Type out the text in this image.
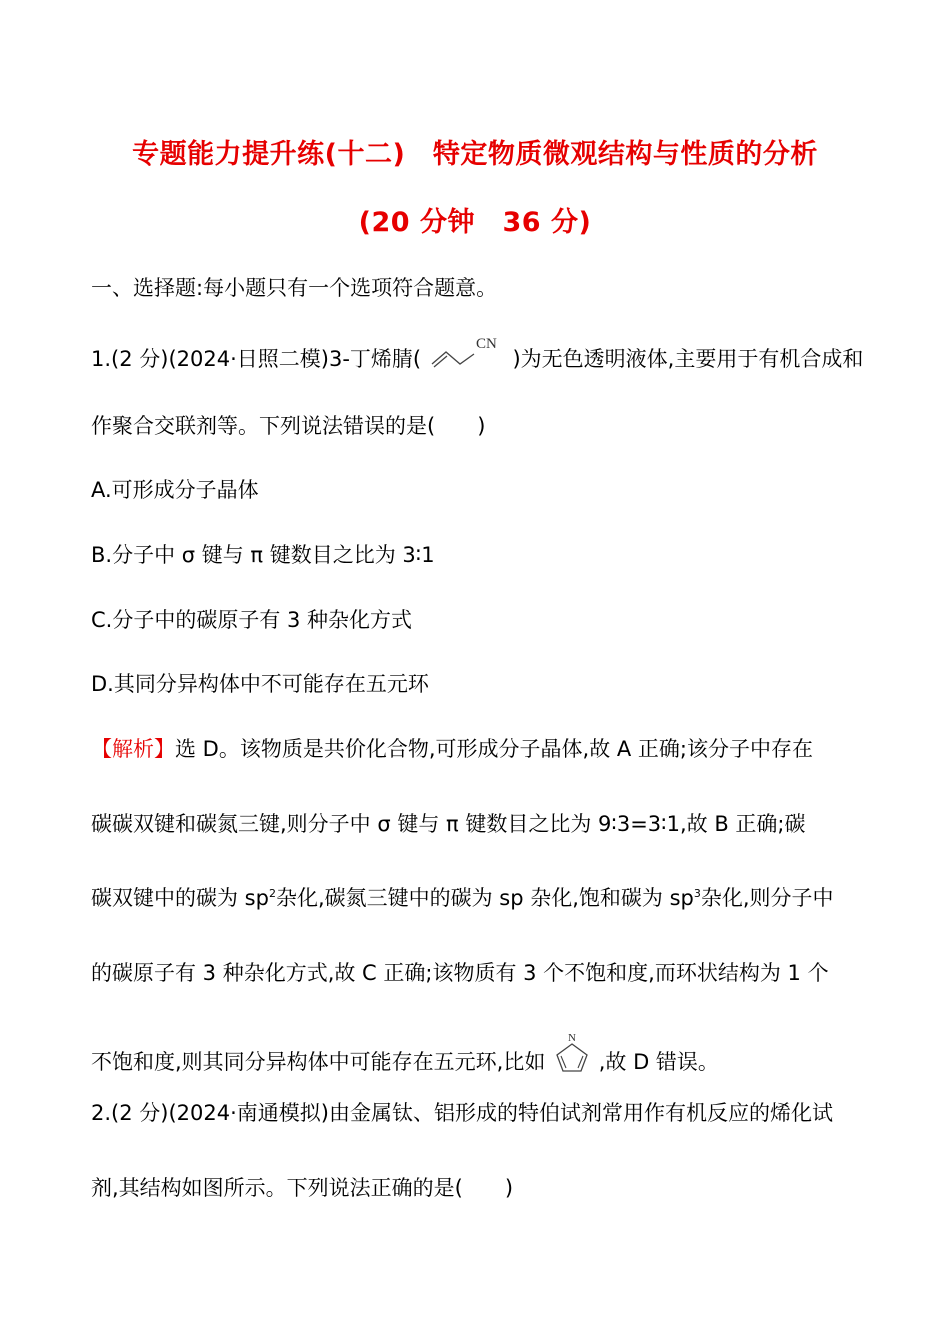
专题能力提升练(十二)　特定物质微观结构与性质的分析
(20 分钟　36 分)
一、选择题:每小题只有一个选项符合题意。
1.(2 分)(2024·日照二模)3-丁烯腈(
CN
)为无色透明液体,主要用于有机合成和
作聚合交联剂等。下列说法错误的是(　　)
A.可形成分子晶体
B.分子中 σ 键与 π 键数目之比为 3∶1
C.分子中的碳原子有 3 种杂化方式
D.其同分异构体中不可能存在五元环
【解析】选 D。该物质是共价化合物,可形成分子晶体,故 A 正确;该分子中存在
碳碳双键和碳氮三键,则分子中 σ 键与 π 键数目之比为 9∶3=3∶1,故 B 正确;碳
碳双键中的碳为 $sp^2$杂化,碳氮三键中的碳为 sp 杂化,饱和碳为 $sp^3$杂化,则分子中
的碳原子有 3 种杂化方式,故 C 正确;该物质有 3 个不饱和度,而环状结构为 1 个
不饱和度,则其同分异构体中可能存在五元环,比如
N
,故 D 错误。
2.(2 分)(2024·南通模拟)由金属钛、铝形成的特伯试剂常用作有机反应的烯化试
剂,其结构如图所示。下列说法正确的是(　　)
